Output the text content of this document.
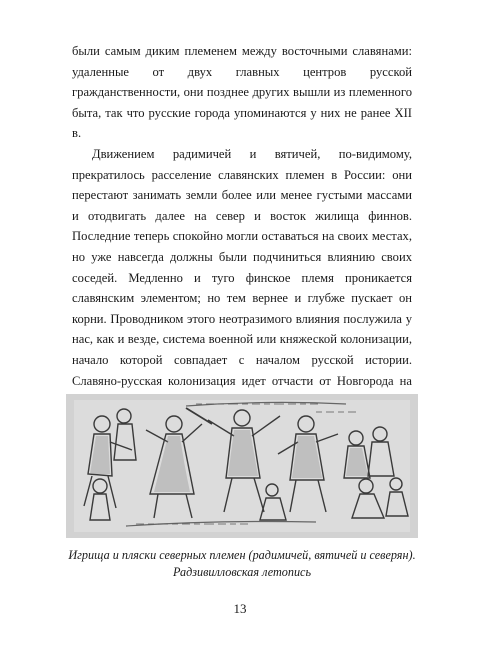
были самым диким племенем между восточными славянами: удаленные от двух главных центров русской гражданственности, они позднее других вышли из племенного быта, так что русские города упоминаются у них не ранее XII в.

Движением радимичей и вятичей, по-видимому, прекратилось расселение славянских племен в России: они перестают занимать земли более или менее густыми массами и отодвигать далее на север и восток жилища финнов. Последние теперь спокойно могли оставаться на своих местах, но уже навсегда должны были подчиниться влиянию своих соседей. Медленно и туго финское племя проникается славянским элементом; но тем вернее и глубже пускает он корни. Проводником этого неотразимого влияния послужила у нас, как и везде, система военной или княжеской колонизации, начало которой совпадает с началом русской истории. Славяно-русская колонизация идет отчасти от Новгорода на

Игрища и пляски северных племен (радимичей, вятичей и северян).
Радзивилловская летопись
13
